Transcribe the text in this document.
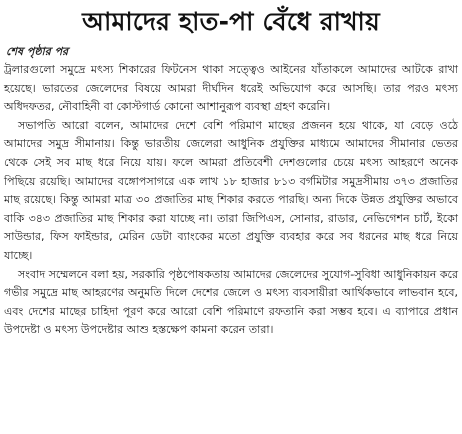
আমাদের হাত-পা বেঁধে রাখায়
শেষ পৃষ্ঠার পর

ট্রলারগুলো সমুদ্রে মৎস্য শিকারের ফিটনেস থাকা সত্ত্বেও আইনের যাঁতাকলে আমাদের আটকে রাখা হয়েছে। ভারতের জেলেদের বিষয়ে আমরা দীর্ঘদিন ধরেই অভিযোগ করে আসছি। তার পরও মৎস্য অধিদফতর, নৌবাহিনী বা কোস্টগার্ড কোনো আশানুরূপ ব্যবস্থা গ্রহণ করেনি।

সভাপতি আরো বলেন, আমাদের দেশে বেশি পরিমাণ মাছের প্রজনন হয়ে থাকে, যা বেড়ে ওঠে আমাদের সমুদ্র সীমানায়। কিন্তু ভারতীয় জেলেরা আধুনিক প্রযুক্তির মাধ্যমে আমাদের সীমানার ভেতর থেকে সেই সব মাছ ধরে নিয়ে যায়। ফলে আমরা প্রতিবেশী দেশগুলোর চেয়ে মৎস্য আহরণে অনেক পিছিয়ে রয়েছি। আমাদের বঙ্গোপসাগরে এক লাখ ১৮ হাজার ৮১৩ বর্গমিটার সমুদ্রসীমায় ৩৭৩ প্রজাতির মাছ রয়েছে। কিন্তু আমরা মাত্র ৩০ প্রজাতির মাছ শিকার করতে পারছি। অন্য দিকে উন্নত প্রযুক্তির অভাবে বাকি ৩৪৩ প্রজাতির মাছ শিকার করা যাচ্ছে না। তারা জিপিএস, সোনার, রাডার, নেভিগেশন চার্ট, ইকো সাউন্ডার, ফিস ফাইন্ডার, মেরিন ডেটা ব্যাংকের মতো প্রযুক্তি ব্যবহার করে সব ধরনের মাছ ধরে নিয়ে যাচ্ছে।

সংবাদ সম্মেলনে বলা হয়, সরকারি পৃষ্ঠপোষকতায় আমাদের জেলেদের সুযোগ-সুবিধা আধুনিকায়ন করে গভীর সমুদ্রে মাছ আহরণের অনুমতি দিলে দেশের জেলে ও মৎস্য ব্যবসায়ীরা আর্থিকভাবে লাভবান হবে, এবং দেশের মাছের চাহিদা পূরণ করে আরো বেশি পরিমাণে রফতানি করা সম্ভব হবে। এ ব্যাপারে প্রধান উপদেষ্টা ও মৎস্য উপদেষ্টার আশু হস্তক্ষেপ কামনা করেন তারা।
